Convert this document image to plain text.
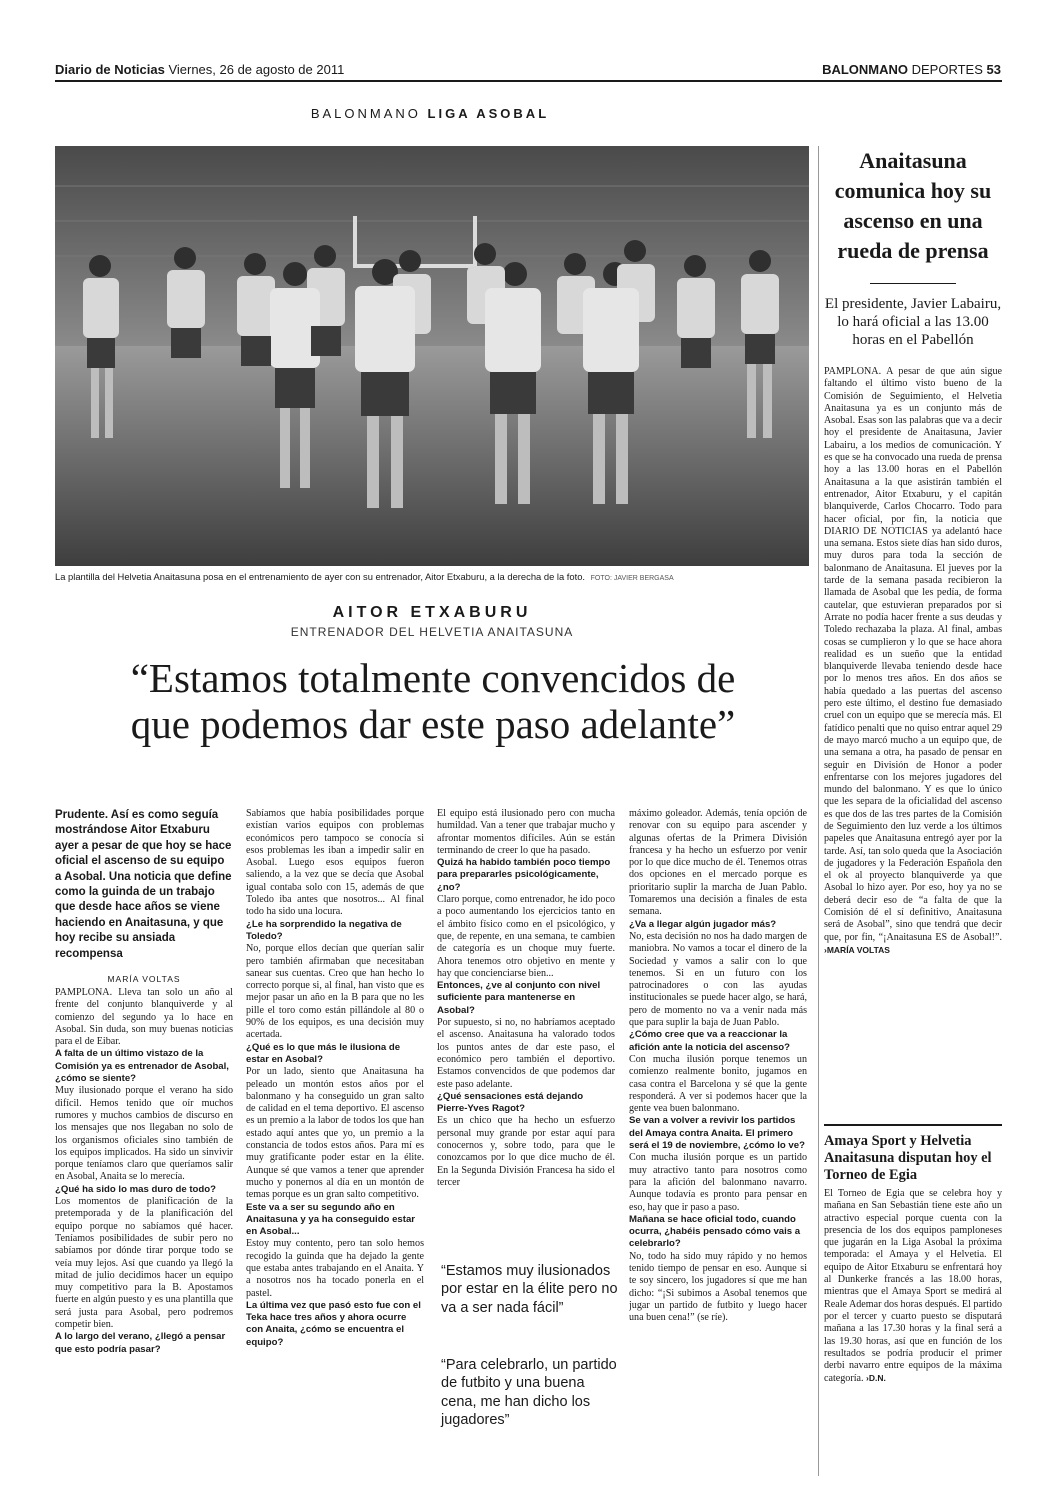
Diario de Noticias Viernes, 26 de agosto de 2011	BALONMANO DEPORTES 53
BALONMANO LIGA ASOBAL
La plantilla del Helvetia Anaitasuna posa en el entrenamiento de ayer con su entrenador, Aitor Etxaburu, a la derecha de la foto. FOTO: JAVIER BERGASA
AITOR ETXABURU
ENTRENADOR DEL HELVETIA ANAITASUNA
“Estamos totalmente convencidos de
que podemos dar este paso adelante”
Prudente. Así es como seguía mostrándose Aitor Etxaburu ayer a pesar de que hoy se hace oficial el ascenso de su equipo a Asobal. Una noticia que define como la guinda de un trabajo que desde hace años se viene haciendo en Anaitasuna, y que hoy recibe su ansiada recompensa
MARÍA VOLTAS

PAMPLONA. Lleva tan solo un año al frente del conjunto blanquiverde y al comienzo del segundo ya lo hace en Asobal. Sin duda, son muy buenas noticias para el de Eibar.

A falta de un último vistazo de la Comisión ya es entrenador de Asobal, ¿cómo se siente?

Muy ilusionado porque el verano ha sido difícil. Hemos tenido que oír muchos rumores y muchos cambios de discurso en los mensajes que nos llegaban no solo de los organismos oficiales sino también de los equipos implicados. Ha sido un sinvivir porque teníamos claro que queríamos salir en Asobal, Anaita se lo merecía.

¿Qué ha sido lo mas duro de todo?

Los momentos de planificación de la pretemporada y de la planificación del equipo porque no sabíamos qué hacer. Teníamos posibilidades de subir pero no sabíamos por dónde tirar porque todo se veía muy lejos. Así que cuando ya llegó la mitad de julio decidimos hacer un equipo muy competitivo para la B. Apostamos fuerte en algún puesto y es una plantilla que será justa para Asobal, pero podremos competir bien.

A lo largo del verano, ¿llegó a pensar que esto podría pasar?

Sabíamos que había posibilidades porque existían varios equipos con problemas económicos pero tampoco se conocía si esos problemas les iban a impedir salir en Asobal. Luego esos equipos fueron saliendo, a la vez que se decía que Asobal igual contaba solo con 15, además de que Toledo iba antes que nosotros... Al final todo ha sido una locura.

¿Le ha sorprendido la negativa de Toledo?

No, porque ellos decían que querían salir pero también afirmaban que necesitaban sanear sus cuentas. Creo que han hecho lo correcto porque si, al final, han visto que es mejor pasar un año en la B para que no les pille el toro como están pillándole al 80 o 90% de los equipos, es una decisión muy acertada.

¿Qué es lo que más le ilusiona de estar en Asobal?

Por un lado, siento que Anaitasuna ha peleado un montón estos años por el balonmano y ha conseguido un gran salto de calidad en el tema deportivo. El ascenso es un premio a la labor de todos los que han estado aquí antes que yo, un premio a la constancia de todos estos años. Para mí es muy gratificante poder estar en la élite. Aunque sé que vamos a tener que aprender mucho y ponernos al día en un montón de temas porque es un gran salto competitivo.

Este va a ser su segundo año en Anaitasuna y ya ha conseguido estar en Asobal...

Estoy muy contento, pero tan solo hemos recogido la guinda que ha dejado la gente que estaba antes trabajando en el Anaita. Y a nosotros nos ha tocado ponerla en el pastel.

La última vez que pasó esto fue con el Teka hace tres años y ahora ocurre con Anaita, ¿cómo se encuentra el equipo?

El equipo está ilusionado pero con mucha humildad. Van a tener que trabajar mucho y afrontar momentos difíciles. Aún se están terminando de creer lo que ha pasado.

Quizá ha habido también poco tiempo para prepararles psicológicamente, ¿no?

Claro porque, como entrenador, he ido poco a poco aumentando los ejercicios tanto en el ámbito físico como en el psicológico, y que, de repente, en una semana, te cambien de categoría es un choque muy fuerte. Ahora tenemos otro objetivo en mente y hay que concienciarse bien...

Entonces, ¿ve al conjunto con nivel suficiente para mantenerse en Asobal?

Por supuesto, si no, no habríamos aceptado el ascenso. Anaitasuna ha valorado todos los puntos antes de dar este paso, el económico pero también el deportivo. Estamos convencidos de que podemos dar este paso adelante.

¿Qué sensaciones está dejando Pierre-Yves Ragot?

Es un chico que ha hecho un esfuerzo personal muy grande por estar aquí para conocernos y, sobre todo, para que le conozcamos por lo que dice mucho de él. En la Segunda División Francesa ha sido el tercer

máximo goleador. Además, tenía opción de renovar con su equipo para ascender y algunas ofertas de la Primera División francesa y ha hecho un esfuerzo por venir por lo que dice mucho de él. Tenemos otras dos opciones en el mercado porque es prioritario suplir la marcha de Juan Pablo. Tomaremos una decisión a finales de esta semana.

¿Va a llegar algún jugador más?

No, esta decisión no nos ha dado margen de maniobra. No vamos a tocar el dinero de la Sociedad y vamos a salir con lo que tenemos. Si en un futuro con los patrocinadores o con las ayudas institucionales se puede hacer algo, se hará, pero de momento no va a venir nada más que para suplir la baja de Juan Pablo.

¿Cómo cree que va a reaccionar la afición ante la noticia del ascenso?

Con mucha ilusión porque tenemos un comienzo realmente bonito, jugamos en casa contra el Barcelona y sé que la gente responderá. A ver si podemos hacer que la gente vea buen balonmano.

Se van a volver a revivir los partidos del Amaya contra Anaita. El primero será el 19 de noviembre, ¿cómo lo ve?

Con mucha ilusión porque es un partido muy atractivo tanto para nosotros como para la afición del balonmano navarro. Aunque todavía es pronto para pensar en eso, hay que ir paso a paso.

Mañana se hace oficial todo, cuando ocurra, ¿habéis pensado cómo vais a celebrarlo?

No, todo ha sido muy rápido y no hemos tenido tiempo de pensar en eso. Aunque si te soy sincero, los jugadores sí que me han dicho: “¡Si subimos a Asobal tenemos que jugar un partido de futbito y luego hacer una buen cena!” (se ríe).

“Estamos muy ilusionados por estar en la élite pero no va a ser nada fácil”
“Para celebrarlo, un partido de futbito y una buena cena, me han dicho los jugadores”
Anaitasuna comunica hoy su ascenso en una rueda de prensa
El presidente, Javier Labairu, lo hará oficial a las 13.00 horas en el Pabellón
PAMPLONA. A pesar de que aún sigue faltando el último visto bueno de la Comisión de Seguimiento, el Helvetia Anaitasuna ya es un conjunto más de Asobal. Esas son las palabras que va a decir hoy el presidente de Anaitasuna, Javier Labairu, a los medios de comunicación. Y es que se ha convocado una rueda de prensa hoy a las 13.00 horas en el Pabellón Anaitasuna a la que asistirán también el entrenador, Aitor Etxaburu, y el capitán blanquiverde, Carlos Chocarro. Todo para hacer oficial, por fin, la noticia que DIARIO DE NOTICIAS ya adelantó hace una semana. Estos siete días han sido duros, muy duros para toda la sección de balonmano de Anaitasuna. El jueves por la tarde de la semana pasada recibieron la llamada de Asobal que les pedía, de forma cautelar, que estuvieran preparados por si Arrate no podía hacer frente a sus deudas y Toledo rechazaba la plaza. Al final, ambas cosas se cumplieron y lo que se hace ahora realidad es un sueño que la entidad blanquiverde llevaba teniendo desde hace por lo menos tres años. En dos años se había quedado a las puertas del ascenso pero este último, el destino fue demasiado cruel con un equipo que se merecía más. El fatídico penalti que no quiso entrar aquel 29 de mayo marcó mucho a un equipo que, de una semana a otra, ha pasado de pensar en seguir en División de Honor a poder enfrentarse con los mejores jugadores del mundo del balonmano. Y es que lo único que les separa de la oficialidad del ascenso es que dos de las tres partes de la Comisión de Seguimiento den luz verde a los últimos papeles que Anaitasuna entregó ayer por la tarde. Así, tan solo queda que la Asociación de jugadores y la Federación Española den el ok al proyecto blanquiverde ya que Asobal lo hizo ayer. Por eso, hoy ya no se deberá decir eso de “a falta de que la Comisión dé el sí definitivo, Anaitasuna será de Asobal”, sino que tendrá que decir que, por fin, “¡Anaitasuna ES de Asobal!”. ›MARÍA VOLTAS
Amaya Sport y Helvetia Anaitasuna disputan hoy el Torneo de Egia
El Torneo de Egia que se celebra hoy y mañana en San Sebastián tiene este año un atractivo especial porque cuenta con la presencia de los dos equipos pamploneses que jugarán en la Liga Asobal la próxima temporada: el Amaya y el Helvetia. El equipo de Aitor Etxaburu se enfrentará hoy al Dunkerke francés a las 18.00 horas, mientras que el Amaya Sport se medirá al Reale Ademar dos horas después. El partido por el tercer y cuarto puesto se disputará mañana a las 17.30 horas y la final será a las 19.30 horas, así que en función de los resultados se podría producir el primer derbi navarro entre equipos de la máxima categoría. ›D.N.
